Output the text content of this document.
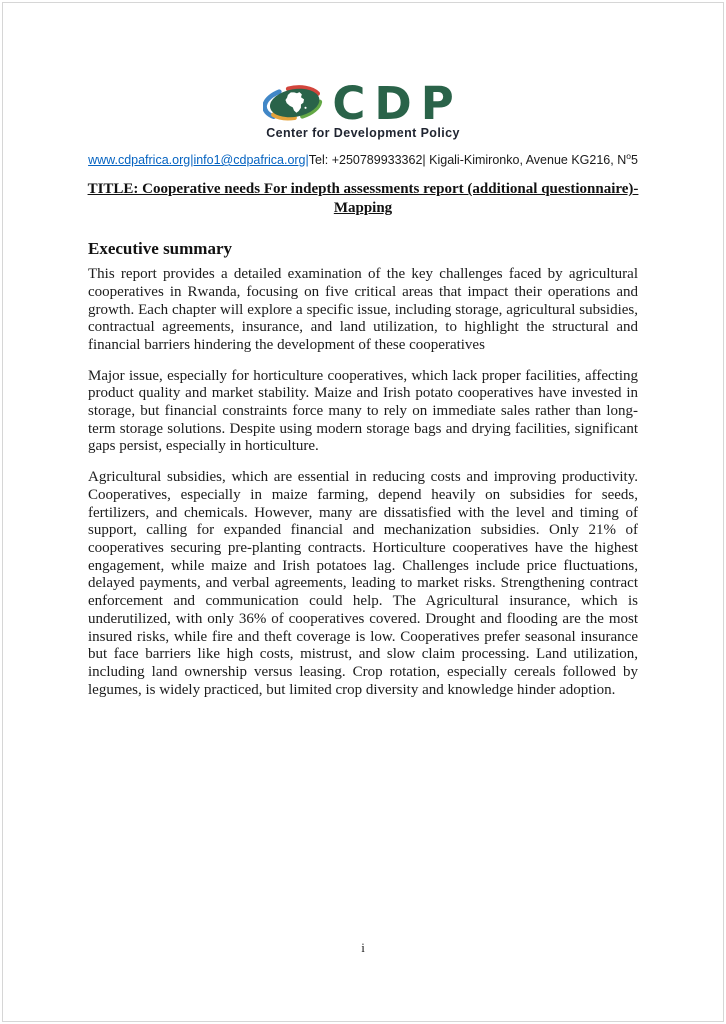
CDP
Center for Development Policy
www.cdpafrica.org|info1@cdpafrica.org|Tel: +250789933362| Kigali-Kimironko, Avenue KG216, $N^o5$
TITLE: Cooperative needs For indepth assessments report (additional questionnaire)-
Mapping
Executive summary

This report provides a detailed examination of the key challenges faced by agricultural cooperatives in Rwanda, focusing on five critical areas that impact their operations and growth. Each chapter will explore a specific issue, including storage, agricultural subsidies, contractual agreements, insurance, and land utilization, to highlight the structural and financial barriers hindering the development of these cooperatives

Major issue, especially for horticulture cooperatives, which lack proper facilities, affecting product quality and market stability. Maize and Irish potato cooperatives have invested in storage, but financial constraints force many to rely on immediate sales rather than long-term storage solutions. Despite using modern storage bags and drying facilities, significant gaps persist, especially in horticulture.

Agricultural subsidies, which are essential in reducing costs and improving productivity. Cooperatives, especially in maize farming, depend heavily on subsidies for seeds, fertilizers, and chemicals. However, many are dissatisfied with the level and timing of support, calling for expanded financial and mechanization subsidies. Only 21% of cooperatives securing pre-planting contracts. Horticulture cooperatives have the highest engagement, while maize and Irish potatoes lag. Challenges include price fluctuations, delayed payments, and verbal agreements, leading to market risks. Strengthening contract enforcement and communication could help. The Agricultural insurance, which is underutilized, with only 36% of cooperatives covered. Drought and flooding are the most insured risks, while fire and theft coverage is low. Cooperatives prefer seasonal insurance but face barriers like high costs, mistrust, and slow claim processing. Land utilization, including land ownership versus leasing. Crop rotation, especially cereals followed by legumes, is widely practiced, but limited crop diversity and knowledge hinder adoption.

i
